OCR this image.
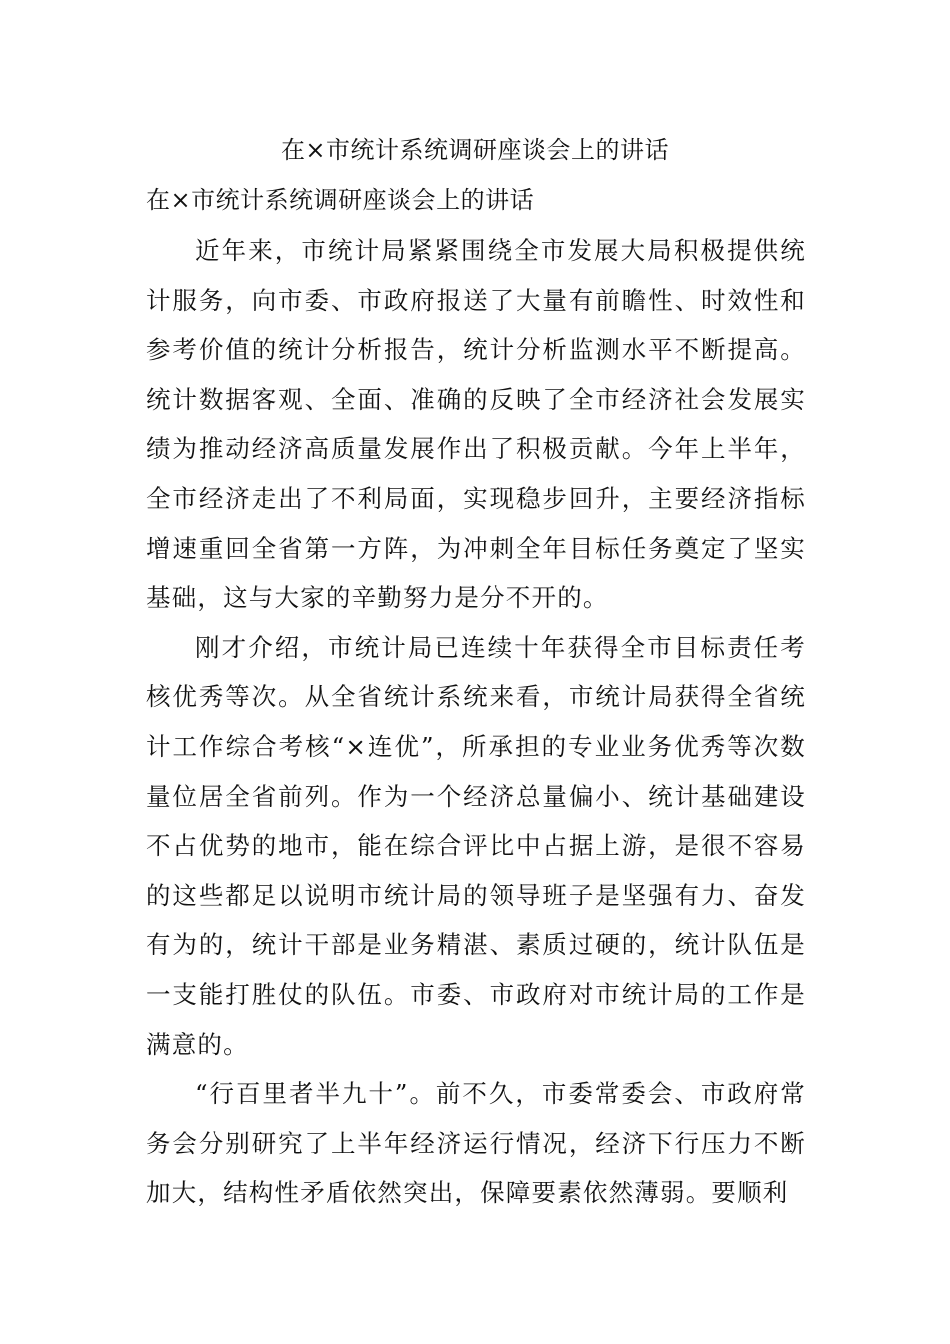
在×市统计系统调研座谈会上的讲话
在×市统计系统调研座谈会上的讲话

近年来，市统计局紧紧围绕全市发展大局积极提供统计服务，向市委、市政府报送了大量有前瞻性、时效性和参考价值的统计分析报告，统计分析监测水平不断提高。统计数据客观、全面、准确的反映了全市经济社会发展实绩为推动经济高质量发展作出了积极贡献。今年上半年，全市经济走出了不利局面，实现稳步回升，主要经济指标增速重回全省第一方阵，为冲刺全年目标任务奠定了坚实基础，这与大家的辛勤努力是分不开的。

刚才介绍，市统计局已连续十年获得全市目标责任考核优秀等次。从全省统计系统来看，市统计局获得全省统计工作综合考核“×连优”，所承担的专业业务优秀等次数量位居全省前列。作为一个经济总量偏小、统计基础建设不占优势的地市，能在综合评比中占据上游，是很不容易的这些都足以说明市统计局的领导班子是坚强有力、奋发有为的，统计干部是业务精湛、素质过硬的，统计队伍是一支能打胜仗的队伍。市委、市政府对市统计局的工作是满意的。

“行百里者半九十”。前不久，市委常委会、市政府常务会分别研究了上半年经济运行情况，经济下行压力不断加大，结构性矛盾依然突出，保障要素依然薄弱。要顺利
